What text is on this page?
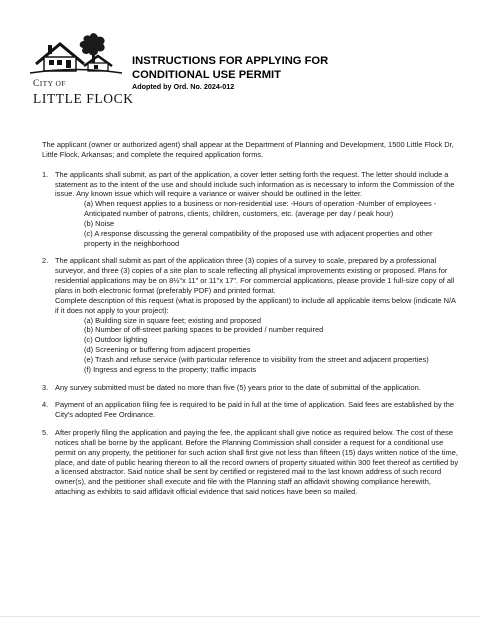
CITY OF
LITTLE FLOCK
INSTRUCTIONS FOR APPLYING FOR
CONDITIONAL USE PERMIT
Adopted by Ord. No. 2024-012

The applicant (owner or authorized agent) shall appear at the Department of Planning and Development, 1500 Little Flock Dr, Little Flock, Arkansas; and complete the required application forms.

1. The applicants shall submit, as part of the application, a cover letter setting forth the request. The letter should include a statement as to the intent of the use and should include such information as is necessary to inform the Commission of the issue. Any known issue which will require a variance or waiver should be outlined in the letter.
(a) When request applies to a business or non-residential use: -Hours of operation -Number of employees -Anticipated number of patrons, clients, children, customers, etc. (average per day / peak hour)
(b) Noise
(c) A response discussing the general compatibility of the proposed use with adjacent properties and other property in the neighborhood
2. The applicant shall submit as part of the application three (3) copies of a survey to scale, prepared by a professional surveyor, and three (3) copies of a site plan to scale reflecting all physical improvements existing or proposed. Plans for residential applications may be on 8½"x 11" or 11"x 17". For commercial applications, please provide 1 full-size copy of all plans in both electronic format (preferably PDF) and printed format.
Complete description of this request (what is proposed by the applicant) to include all applicable items below (indicate N/A if it does not apply to your project):
(a) Building size in square feet; existing and proposed
(b) Number of off-street parking spaces to be provided / number required
(c) Outdoor lighting
(d) Screening or buffering from adjacent properties
(e) Trash and refuse service (with particular reference to visibility from the street and adjacent properties)
(f) Ingress and egress to the property; traffic impacts
3. Any survey submitted must be dated no more than five (5) years prior to the date of submittal of the application.
4. Payment of an application filing fee is required to be paid in full at the time of application. Said fees are established by the City's adopted Fee Ordinance.
5. After properly filing the application and paying the fee, the applicant shall give notice as required below. The cost of these notices shall be borne by the applicant. Before the Planning Commission shall consider a request for a conditional use permit on any property, the petitioner for such action shall first give not less than fifteen (15) days written notice of the time, place, and date of public hearing thereon to all the record owners of property situated within 300 feet thereof as certified by a licensed abstractor. Said notice shall be sent by certified or registered mail to the last known address of such record owner(s), and the petitioner shall execute and file with the Planning staff an affidavit showing compliance herewith, attaching as exhibits to said affidavit official evidence that said notices have been so mailed.
